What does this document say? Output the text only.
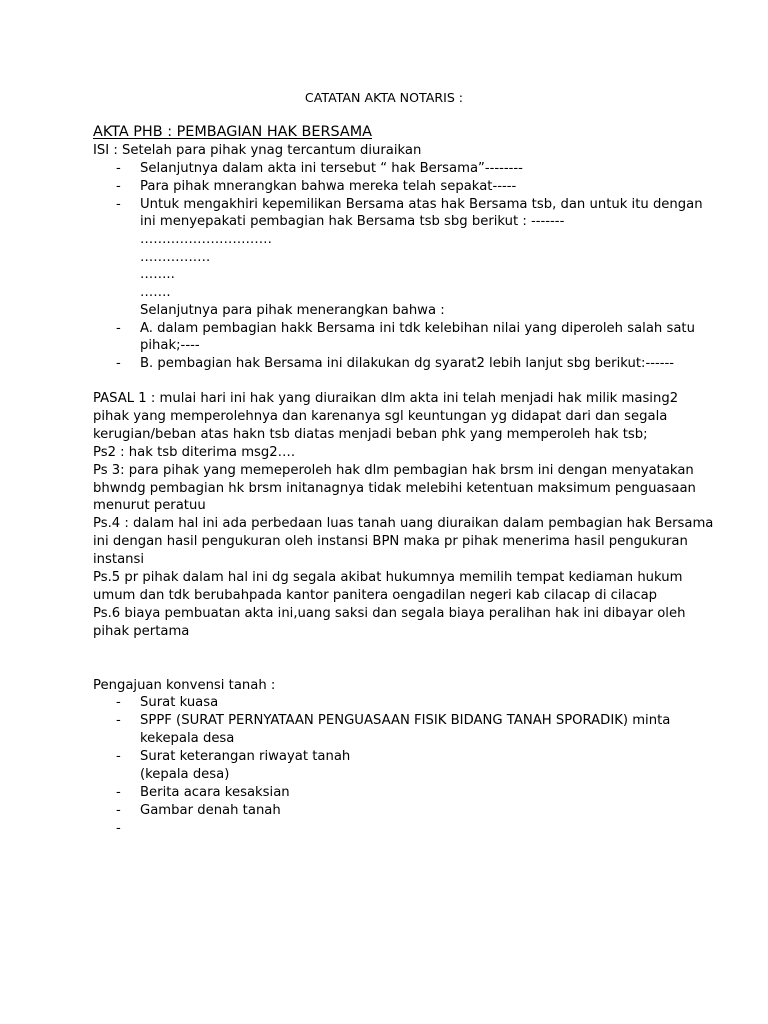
CATATAN AKTA NOTARIS :
AKTA PHB : PEMBAGIAN HAK BERSAMA
ISI : Setelah para pihak ynag tercantum diuraikan
- Selanjutnya dalam akta ini tersebut “ hak Bersama”--------
- Para pihak mnerangkan bahwa mereka telah sepakat-----
- Untuk mengakhiri kepemilikan Bersama atas hak Bersama tsb, dan untuk itu dengan
ini menyepakati pembagian hak Bersama tsb sbg berikut : -------
…………………………
…………….
……..
…….
Selanjutnya para pihak menerangkan bahwa :
- A. dalam pembagian hakk Bersama ini tdk kelebihan nilai yang diperoleh salah satu
pihak;----
- B. pembagian hak Bersama ini dilakukan dg syarat2 lebih lanjut sbg berikut:------
PASAL 1 : mulai hari ini hak yang diuraikan dlm akta ini telah menjadi hak milik masing2
pihak yang memperolehnya dan karenanya sgl keuntungan yg didapat dari dan segala
kerugian/beban atas hakn tsb diatas menjadi beban phk yang memperoleh hak tsb;
Ps2 : hak tsb diterima msg2….
Ps 3: para pihak yang memeperoleh hak dlm pembagian hak brsm ini dengan menyatakan
bhwndg pembagian hk brsm initanagnya tidak melebihi ketentuan maksimum penguasaan
menurut peratuu
Ps.4 : dalam hal ini ada perbedaan luas tanah uang diuraikan dalam pembagian hak Bersama
ini dengan hasil pengukuran oleh instansi BPN maka pr pihak menerima hasil pengukuran
instansi
Ps.5 pr pihak dalam hal ini dg segala akibat hukumnya memilih tempat kediaman hukum
umum dan tdk berubahpada kantor panitera oengadilan negeri kab cilacap di cilacap
Ps.6 biaya pembuatan akta ini,uang saksi dan segala biaya peralihan hak ini dibayar oleh
pihak pertama
Pengajuan konvensi tanah :
- Surat kuasa
- SPPF (SURAT PERNYATAAN PENGUASAAN FISIK BIDANG TANAH SPORADIK) minta
kekepala desa
- Surat keterangan riwayat tanah
(kepala desa)
- Berita acara kesaksian
- Gambar denah tanah
-
